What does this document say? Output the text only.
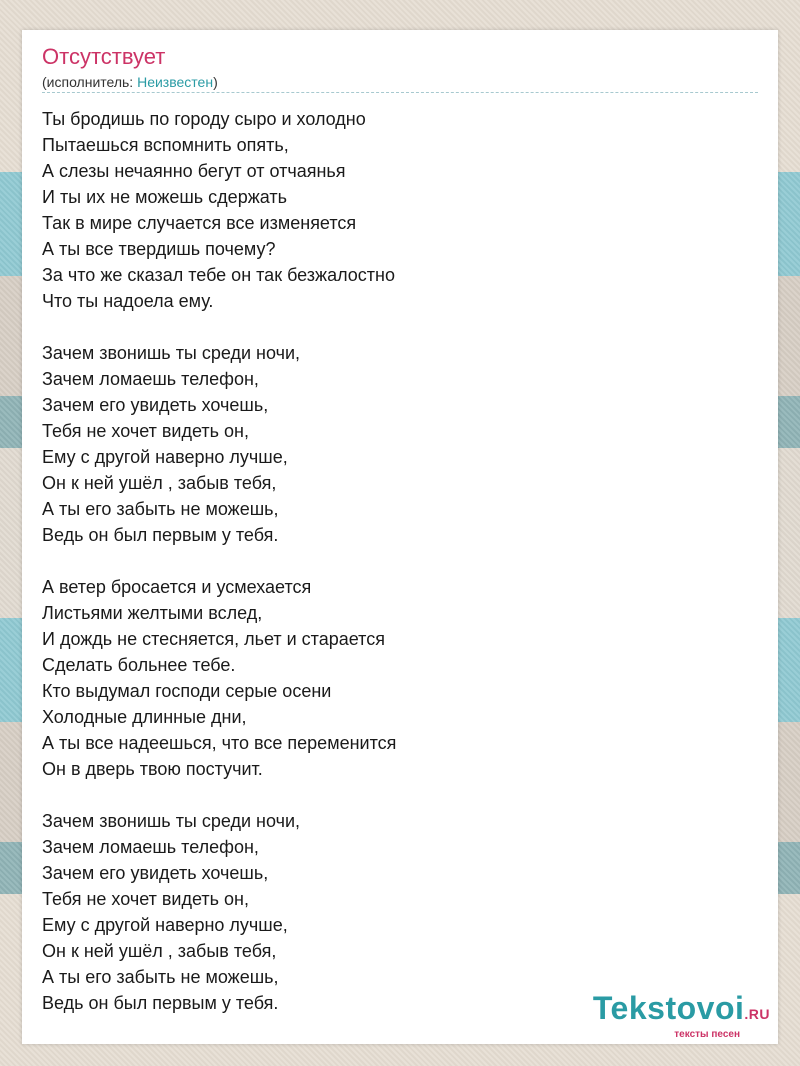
Отсутствует
(исполнитель: Неизвестен)
Ты бродишь по городу сыро и холодно
Пытаешься вспомнить опять,
А слезы нечаянно бегут от отчаянья
И ты их не можешь сдержать
Так в мире случается все изменяется
А ты все твердишь почему?
За что же сказал тебе он так безжалостно
Что ты надоела ему.
Зачем звонишь ты среди ночи,
Зачем ломаешь телефон,
Зачем его увидеть хочешь,
Тебя не хочет видеть он,
Ему с другой наверно лучше,
Он к ней ушёл , забыв тебя,
А ты его забыть не можешь,
Ведь он был первым у тебя.
А ветер бросается и усмехается
Листьями желтыми вслед,
И дождь не стесняется, льет и старается
Сделать больнее тебе.
Кто выдумал господи серые осени
Холодные длинные дни,
А ты все надеешься, что все переменится
Он в дверь твою постучит.
Зачем звонишь ты среди ночи,
Зачем ломаешь телефон,
Зачем его увидеть хочешь,
Тебя не хочет видеть он,
Ему с другой наверно лучше,
Он к ней ушёл , забыв тебя,
А ты его забыть не можешь,
Ведь он был первым у тебя.	Tekstovoi.RU
тексты песен
